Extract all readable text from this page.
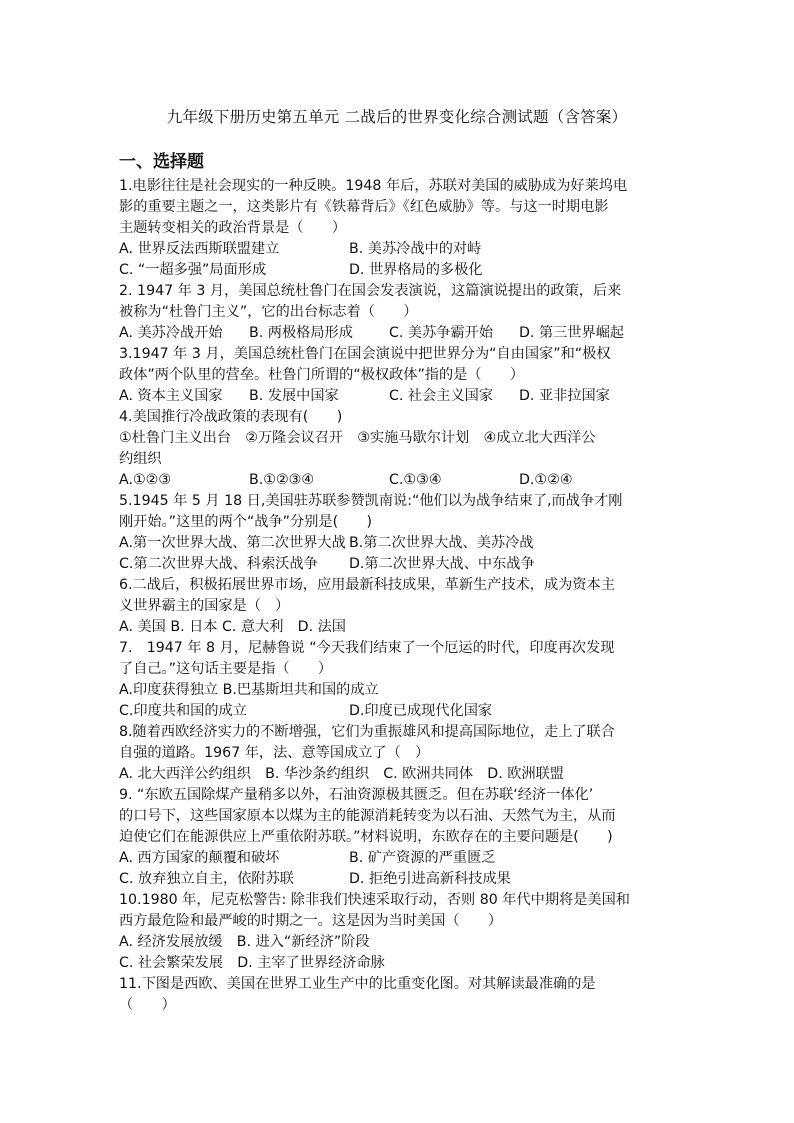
九年级下册历史第五单元 二战后的世界变化综合测试题（含答案）
一、选择题
1.电影往往是社会现实的一种反映。1948 年后，苏联对美国的威胁成为好莱坞电
影的重要主题之一，这类影片有《铁幕背后》《红色威胁》等。与这一时期电影
主题转变相关的政治背景是（　　）
A. 世界反法西斯联盟建立	B. 美苏冷战中的对峙
C. “一超多强”局面形成	D. 世界格局的多极化
2. 1947 年 3 月，美国总统杜鲁门在国会发表演说，这篇演说提出的政策，后来
被称为“杜鲁门主义”，它的出台标志着（　　）
A. 美苏冷战开始	B. 两极格局形成	C. 美苏争霸开始	D. 第三世界崛起
3.1947 年 3 月，美国总统杜鲁门在国会演说中把世界分为“自由国家”和“极权
政体”两个队里的营垒。杜鲁门所谓的“极权政体”指的是（　　）
A. 资本主义国家	B. 发展中国家	C. 社会主义国家	D. 亚非拉国家
4.美国推行冷战政策的表现有(　　)
①杜鲁门主义出台　②万隆会议召开　③实施马歇尔计划　④成立北大西洋公
约组织
A.①②③	B.①②③④	C.①③④	D.①②④
5.1945 年 5 月 18 日,美国驻苏联参赞凯南说:“他们以为战争结束了,而战争才刚
刚开始。”这里的两个“战争”分别是(　　)
A.第一次世界大战、第二次世界大战 B.第二次世界大战、美苏冷战
C.第二次世界大战、科索沃战争	D.第二次世界大战、中东战争
6.二战后，积极拓展世界市场，应用最新科技成果，革新生产技术，成为资本主
义世界霸主的国家是（　）
A. 美国 B. 日本 C. 意大利　D. 法国
7.　1947 年 8 月，尼赫鲁说 “今天我们结束了一个厄运的时代，印度再次发现
了自己。”这句话主要是指（　　）
A.印度获得独立 B.巴基斯坦共和国的成立
C.印度共和国的成立	D.印度已成现代化国家
8.随着西欧经济实力的不断增强，它们为重振雄风和提高国际地位，走上了联合
自强的道路。1967 年，法、意等国成立了（　）
A. 北大西洋公约组织　B. 华沙条约组织　C. 欧洲共同体　D. 欧洲联盟
9. “东欧五国除煤产量稍多以外，石油资源极其匮乏。但在苏联‘经济一体化’
的口号下，这些国家原本以煤为主的能源消耗转变为以石油、天然气为主，从而
迫使它们在能源供应上严重依附苏联。”材料说明，东欧存在的主要问题是(　　)
A. 西方国家的颠覆和破坏	B. 矿产资源的严重匮乏
C. 放弃独立自主，依附苏联	D. 拒绝引进高新科技成果
10.1980 年，尼克松警告: 除非我们快速采取行动，否则 80 年代中期将是美国和
西方最危险和最严峻的时期之一。这是因为当时美国（　　）
A. 经济发展放缓　B. 进入“新经济”阶段
C. 社会繁荣发展　D. 主宰了世界经济命脉
11.下图是西欧、美国在世界工业生产中的比重变化图。对其解读最准确的是
（　　）
